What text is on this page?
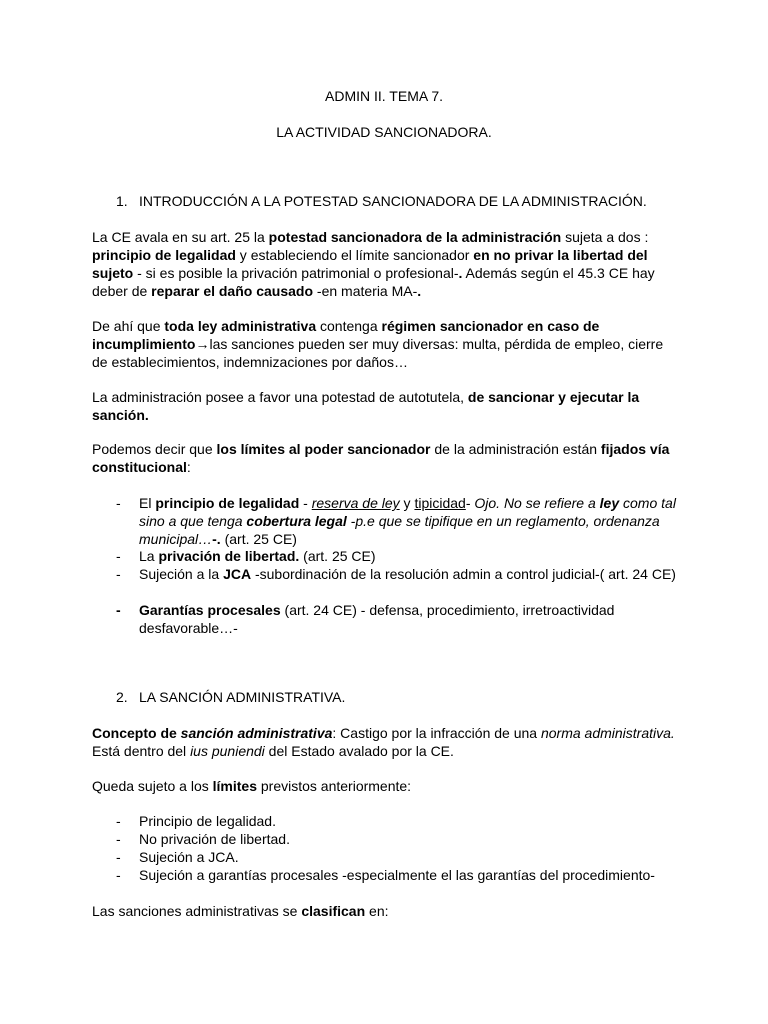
ADMIN II. TEMA 7.
LA ACTIVIDAD SANCIONADORA.
1. INTRODUCCIÓN A LA POTESTAD SANCIONADORA DE LA ADMINISTRACIÓN.

La CE avala en su art. 25 la potestad sancionadora de la administración sujeta a dos : principio de legalidad y estableciendo el límite sancionador en no privar la libertad del sujeto - si es posible la privación patrimonial o profesional-. Además según el 45.3 CE hay deber de reparar el daño causado -en materia MA-.

De ahí que toda ley administrativa contenga régimen sancionador en caso de incumplimiento→las sanciones pueden ser muy diversas: multa, pérdida de empleo, cierre de establecimientos, indemnizaciones por daños…

La administración posee a favor una potestad de autotutela, de sancionar y ejecutar la sanción.

Podemos decir que los límites al poder sancionador de la administración están fijados vía constitucional:

- El principio de legalidad - reserva de ley y tipicidad- Ojo. No se refiere a ley como tal sino a que tenga cobertura legal -p.e que se tipifique en un reglamento, ordenanza municipal…-. (art. 25 CE)

- La privación de libertad. (art. 25 CE)

- Sujeción a la JCA -subordinación de la resolución admin a control judicial-( art. 24 CE)

- Garantías procesales (art. 24 CE) - defensa, procedimiento, irretroactividad desfavorable…-

2. LA SANCIÓN ADMINISTRATIVA.

Concepto de sanción administrativa: Castigo por la infracción de una norma administrativa. Está dentro del ius puniendi del Estado avalado por la CE.

Queda sujeto a los límites previstos anteriormente:

- Principio de legalidad.

- No privación de libertad.

- Sujeción a JCA.

- Sujeción a garantías procesales -especialmente el las garantías del procedimiento-

Las sanciones administrativas se clasifican en:
